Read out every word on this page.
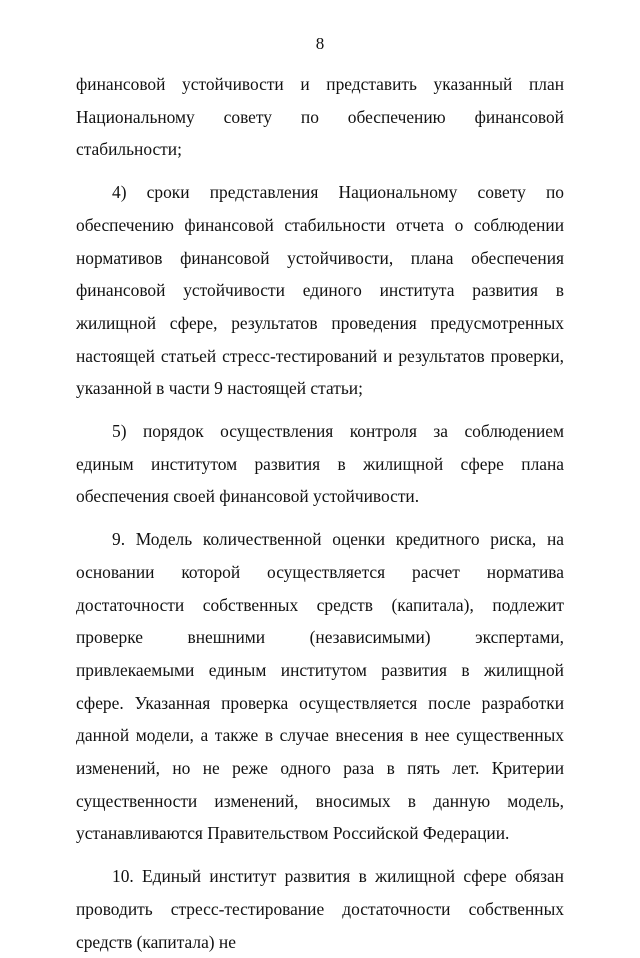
8

финансовой устойчивости и представить указанный план Национальному совету по обеспечению финансовой стабильности;

4) сроки представления Национальному совету по обеспечению финансовой стабильности отчета о соблюдении нормативов финансовой устойчивости, плана обеспечения финансовой устойчивости единого института развития в жилищной сфере, результатов проведения предусмотренных настоящей статьей стресс-тестирований и результатов проверки, указанной в части 9 настоящей статьи;

5) порядок осуществления контроля за соблюдением единым институтом развития в жилищной сфере плана обеспечения своей финансовой устойчивости.

9. Модель количественной оценки кредитного риска, на основании которой осуществляется расчет норматива достаточности собственных средств (капитала), подлежит проверке внешними (независимыми) экспертами, привлекаемыми единым институтом развития в жилищной сфере. Указанная проверка осуществляется после разработки данной модели, а также в случае внесения в нее существенных изменений, но не реже одного раза в пять лет. Критерии существенности изменений, вносимых в данную модель, устанавливаются Правительством Российской Федерации.

10. Единый институт развития в жилищной сфере обязан проводить стресс-тестирование достаточности собственных средств (капитала) не
